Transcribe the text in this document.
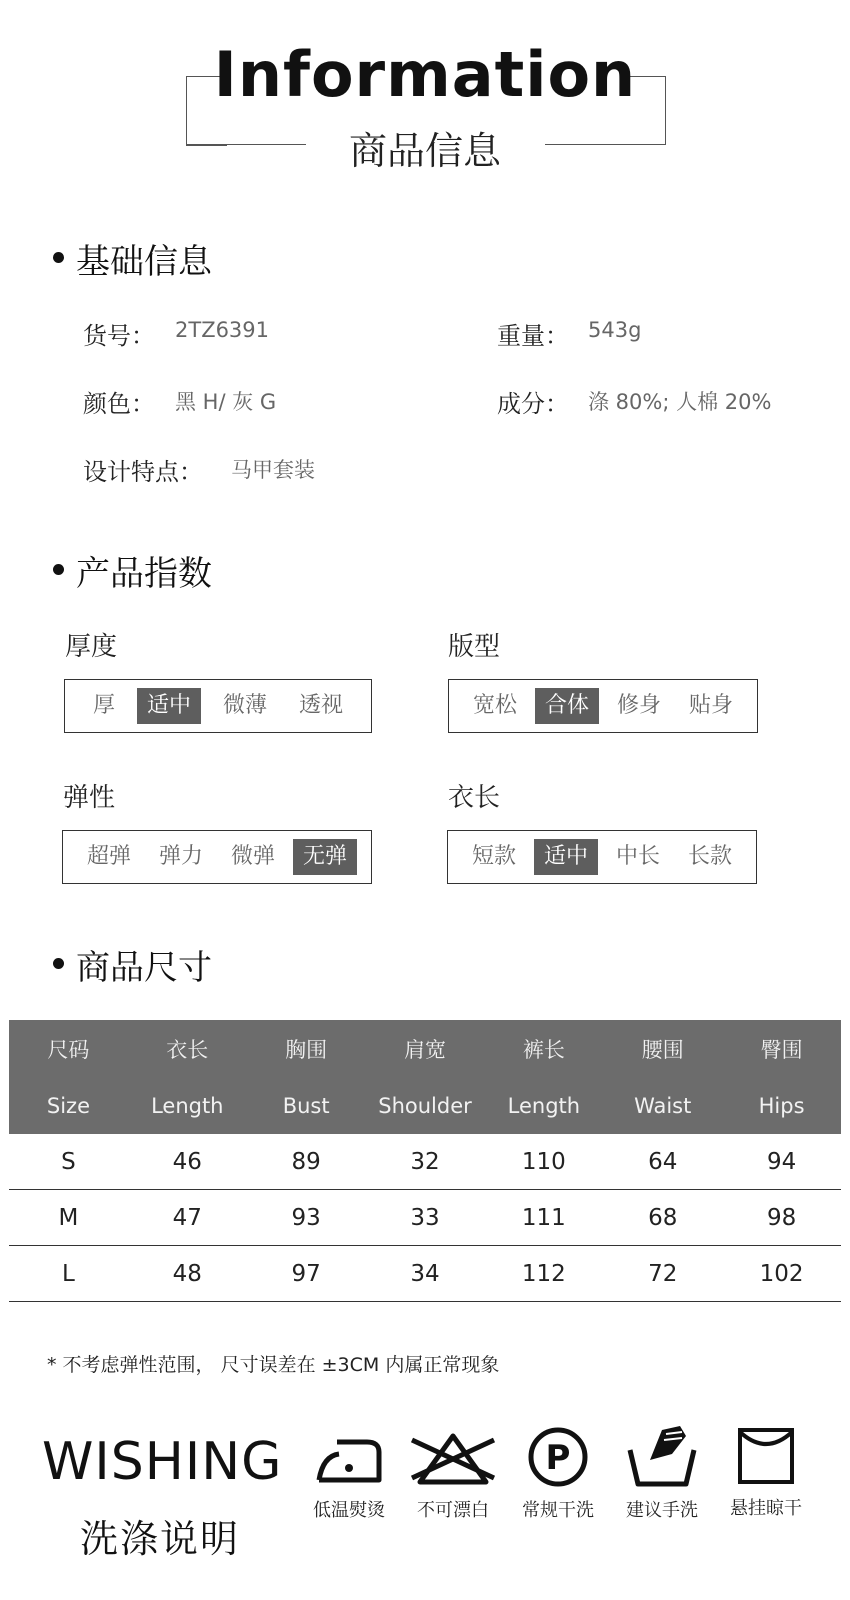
Information
商品信息
基础信息
货号： 2TZ6391	重量： 543g
颜色： 黑 H/ 灰 G	成分： 涤 80%; 人棉 20%
设计特点： 马甲套装
产品指数
厚度
厚	适中	微薄	透视
版型
宽松	合体	修身	贴身
弹性
超弹	弹力	微弹	无弹
衣长
短款	适中	中长	长款
商品尺寸
尺码	衣长	胸围	肩宽	裤长	腰围	臀围
Size	Length	Bust	Shoulder	Length	Waist	Hips
S	46	89	32	110	64	94
M	47	93	33	111	68	98
L	48	97	34	112	72	102
* 不考虑弹性范围， 尺寸误差在 ±3CM 内属正常现象
WISHING
洗涤说明
低温熨烫	不可漂白
P
常规干洗	建议手洗	悬挂晾干
